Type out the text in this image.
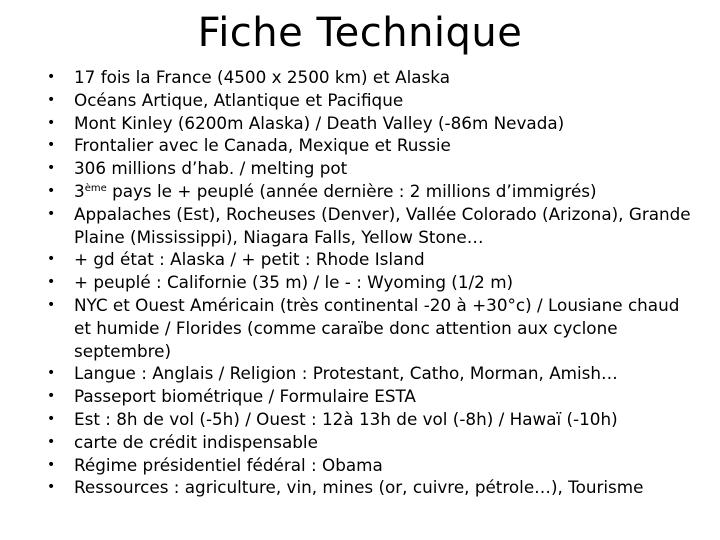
Fiche Technique
• 17 fois la France (4500 x 2500 km) et Alaska
• Océans Artique, Atlantique et Pacifique
• Mont Kinley (6200m Alaska) / Death Valley (-86m Nevada)
• Frontalier avec le Canada, Mexique et Russie
• 306 millions d’hab. / melting pot
• 3ème pays le + peuplé (année dernière : 2 millions d’immigrés)
• Appalaches (Est), Rocheuses (Denver), Vallée Colorado (Arizona), Grande Plaine (Mississippi), Niagara Falls, Yellow Stone…
• + gd état : Alaska / + petit : Rhode Island
• + peuplé : Californie (35 m) / le - : Wyoming (1/2 m)
• NYC et Ouest Américain (très continental -20 à +30°c) / Lousiane chaud et humide / Florides (comme caraïbe donc attention aux cyclone septembre)
• Langue : Anglais / Religion : Protestant, Catho, Morman, Amish…
• Passeport biométrique / Formulaire ESTA
• Est : 8h de vol (-5h) / Ouest : 12à 13h de vol (-8h) / Hawaï (-10h)
• carte de crédit indispensable
• Régime présidentiel fédéral : Obama
• Ressources : agriculture, vin, mines (or, cuivre, pétrole…), Tourisme
